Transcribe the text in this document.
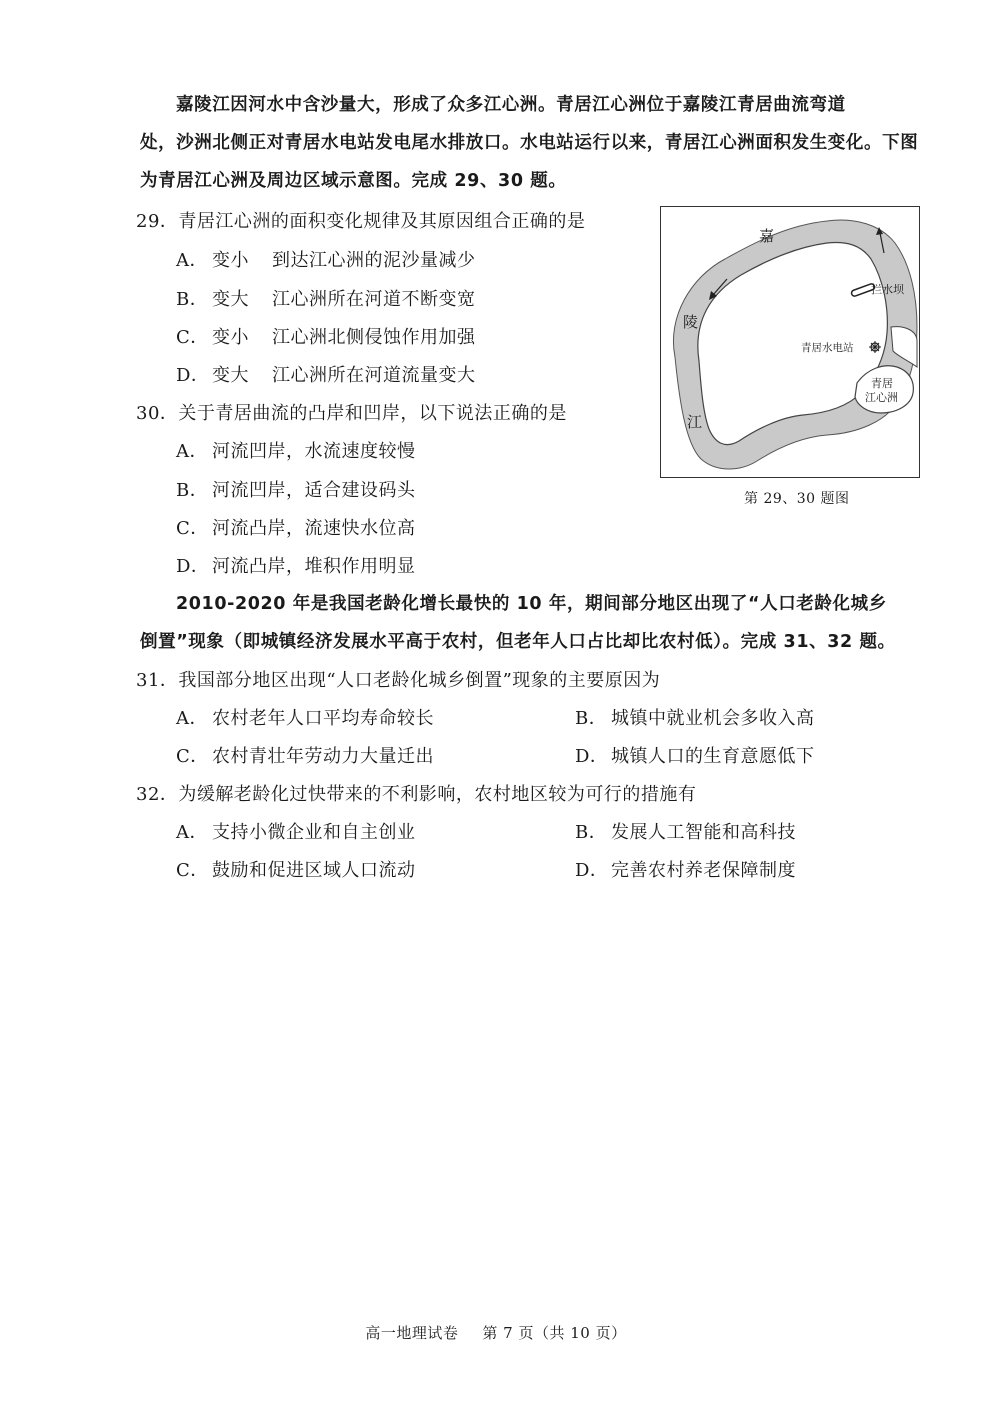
嘉陵江因河水中含沙量大，形成了众多江心洲。青居江心洲位于嘉陵江青居曲流弯道
处，沙洲北侧正对青居水电站发电尾水排放口。水电站运行以来，青居江心洲面积发生变化。下图为青居江心洲及周边区域示意图。完成 29、30 题。
29．青居江心洲的面积变化规律及其原因组合正确的是
A． 变小 到达江心洲的泥沙量减少
B． 变大 江心洲所在河道不断变宽
C． 变小 江心洲北侧侵蚀作用加强
D． 变大 江心洲所在河道流量变大
30．关于青居曲流的凸岸和凹岸，以下说法正确的是
A． 河流凹岸，水流速度较慢
B． 河流凹岸，适合建设码头
C． 河流凸岸，流速快水位高
D． 河流凸岸，堆积作用明显
嘉
陵
江
拦水坝
青居水电站
青居
江心洲
第 29、30 题图
2010-2020 年是我国老龄化增长最快的 10 年，期间部分地区出现了“人口老龄化城乡
倒置”现象（即城镇经济发展水平高于农村，但老年人口占比却比农村低）。完成 31、32 题。
31．我国部分地区出现“人口老龄化城乡倒置”现象的主要原因为
A． 农村老年人口平均寿命较长	B． 城镇中就业机会多收入高
C． 农村青壮年劳动力大量迁出	D． 城镇人口的生育意愿低下
32．为缓解老龄化过快带来的不利影响，农村地区较为可行的措施有
A． 支持小微企业和自主创业	B． 发展人工智能和高科技
C． 鼓励和促进区域人口流动	D． 完善农村养老保障制度
高一地理试卷 第 7 页（共 10 页）
